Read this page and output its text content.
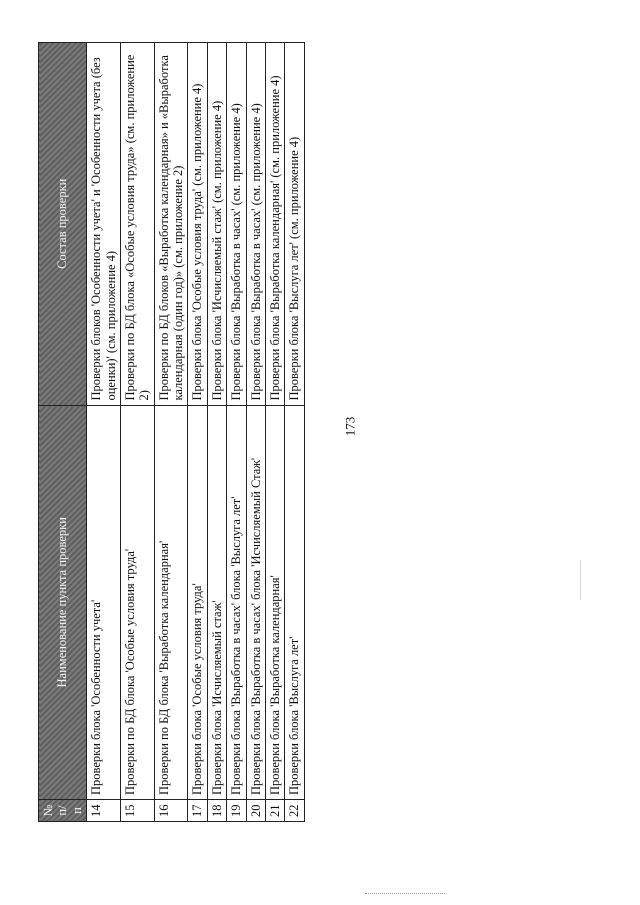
173
№ п/п	Наименование пункта проверки	Состав проверки
14	Проверки блока 'Особенности учета'	Проверки блоков 'Особенности учета' и 'Особенности учета (без оценки)' (см. приложение 4)
15	Проверки по БД блока 'Особые условия труда'	Проверки по БД блока «Особые условия труда» (см. приложение 2)
16	Проверки по БД блока 'Выработка календарная'	Проверки по БД блоков «Выработка календарная» и «Выработка календарная (один год)» (см. приложение 2)
17	Проверки блока 'Особые условия труда'	Проверки блока 'Особые условия труда' (см. приложение 4)
18	Проверки блока 'Исчисляемый стаж'	Проверки блока 'Исчисляемый стаж' (см. приложение 4)
19	Проверки блока 'Выработка в часах' блока 'Выслуга лет'	Проверки блока 'Выработка в часах' (см. приложение 4)
20	Проверки блока 'Выработка в часах' блока 'Исчисляемый Стаж'	Проверки блока 'Выработка в часах' (см. приложение 4)
21	Проверки блока 'Выработка календарная'	Проверки блока 'Выработка календарная' (см. приложение 4)
22	Проверки блока 'Выслуга лет'	Проверки блока 'Выслуга лет' (см. приложение 4)
